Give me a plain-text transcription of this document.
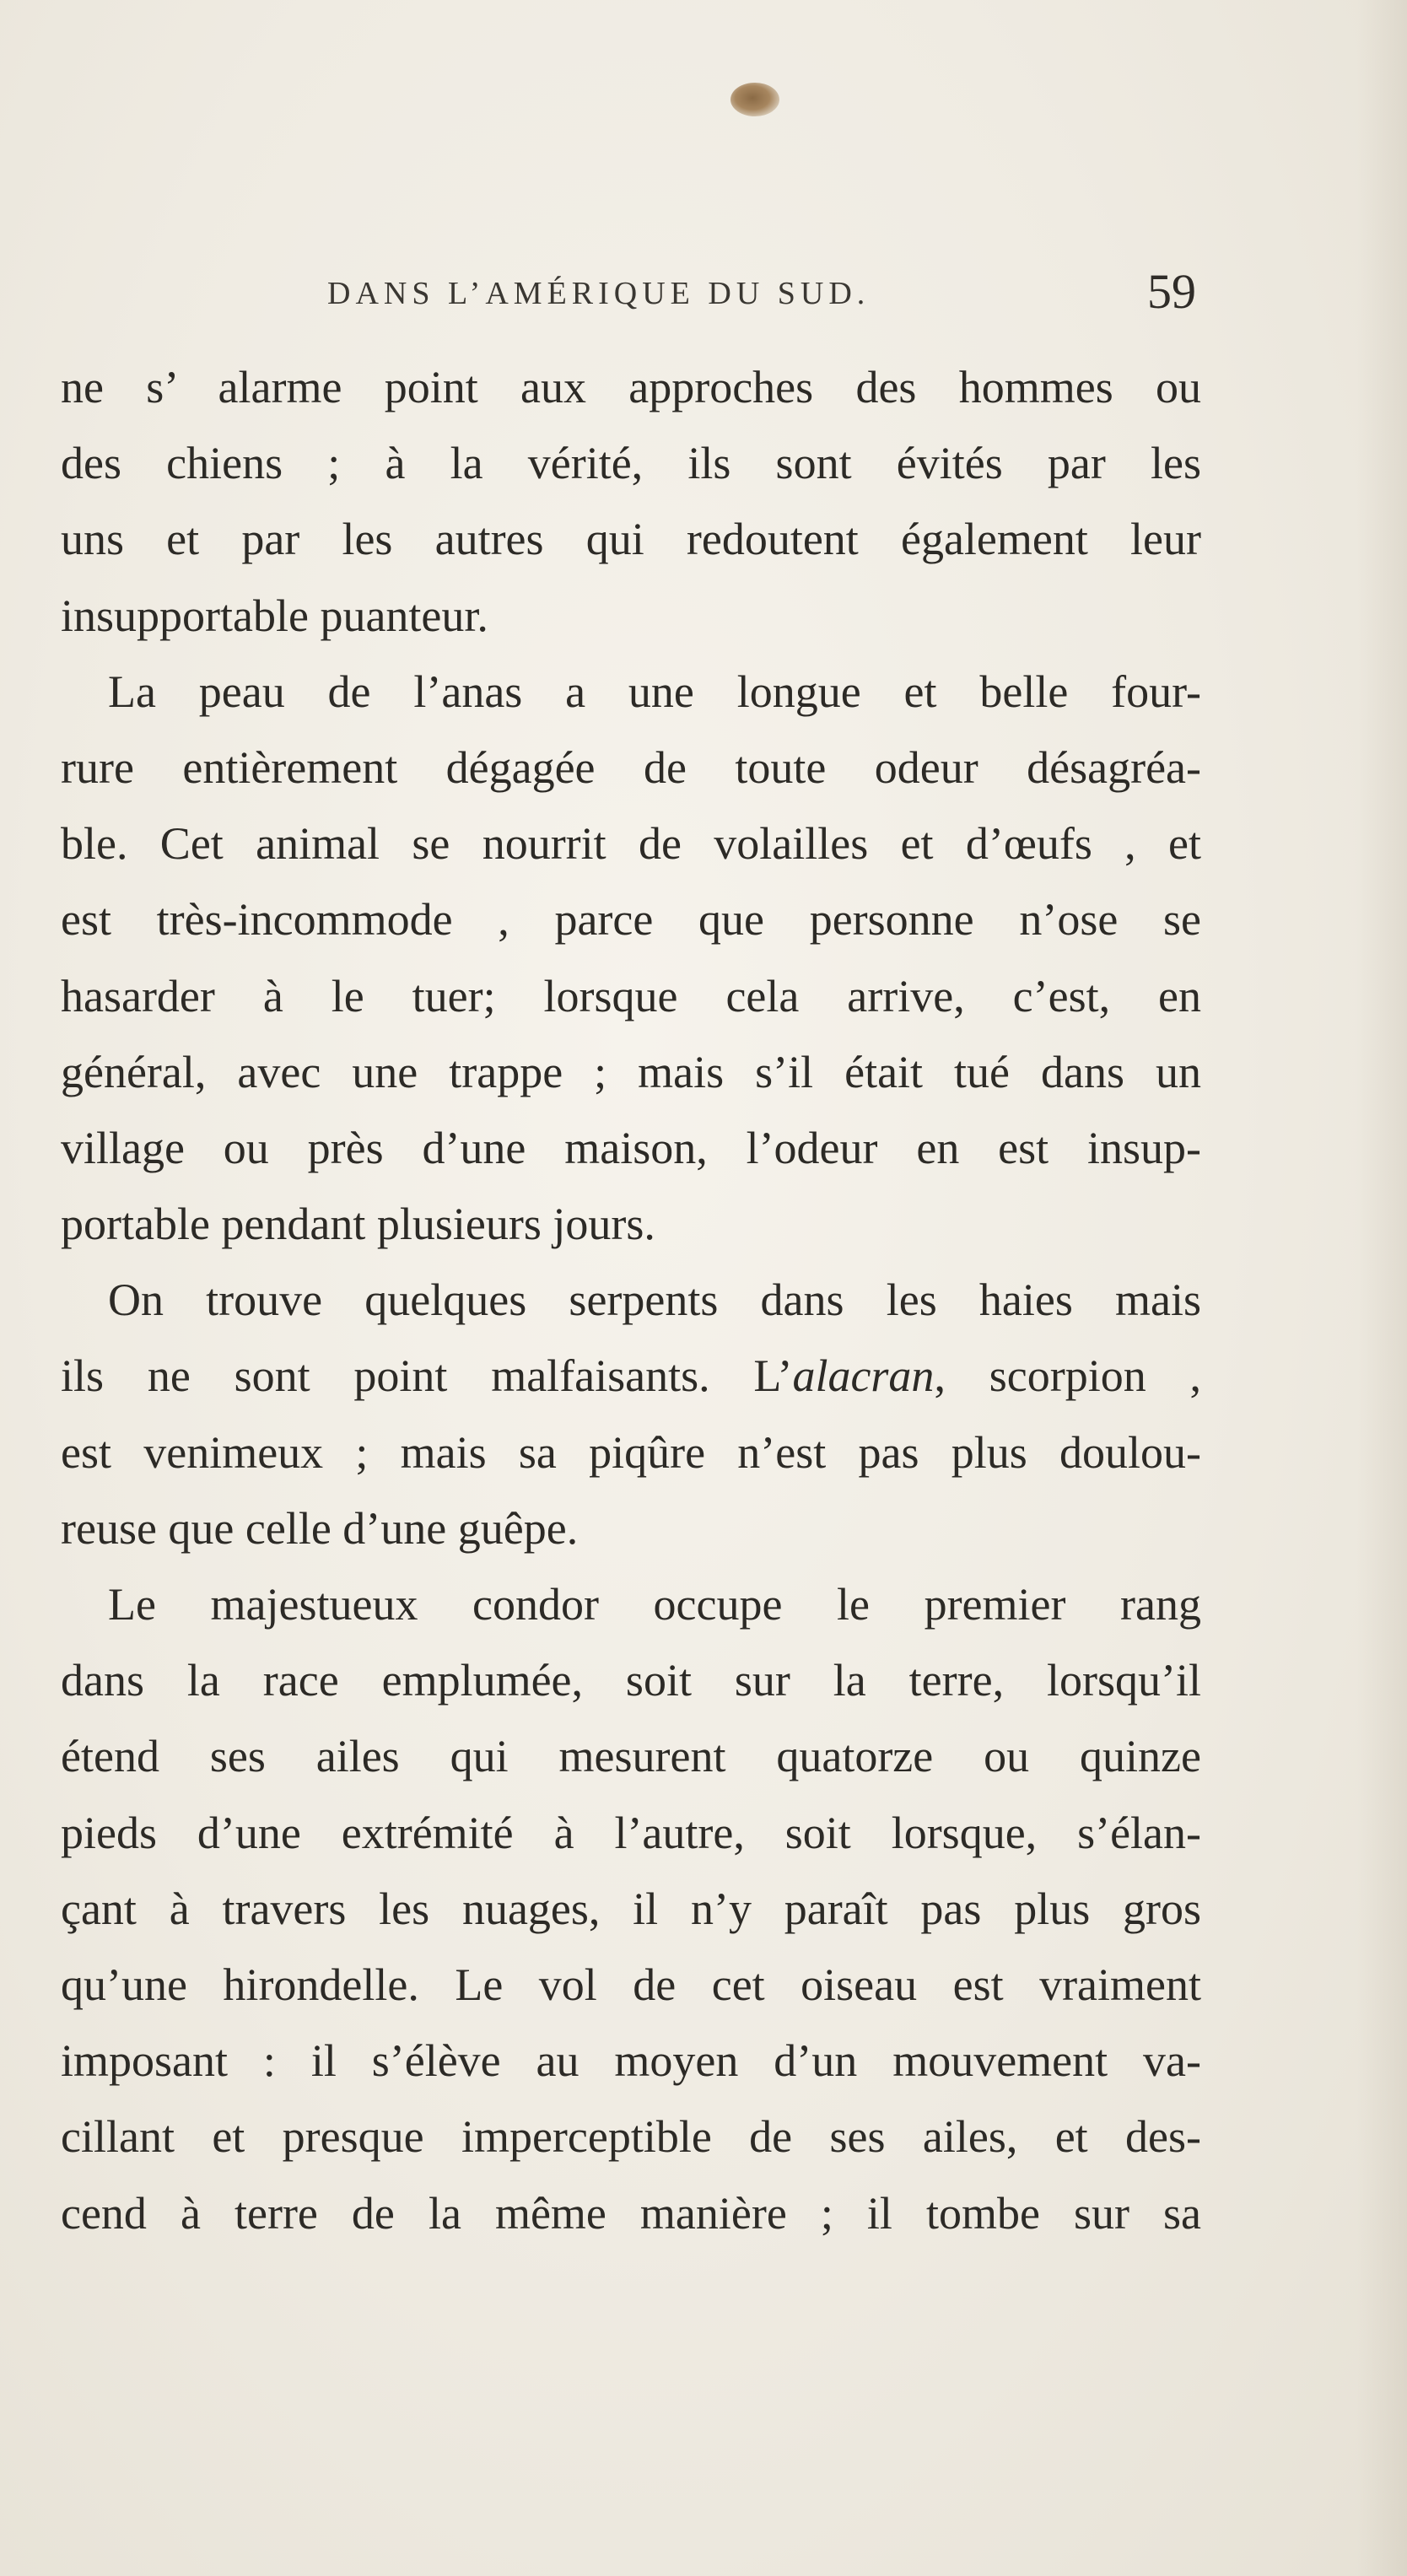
DANS L’AMÉRIQUE DU SUD.	59
ne s’ alarme point aux approches des hommes ou
des chiens ; à la vérité, ils sont évités par les
uns et par les autres qui redoutent également leur
insupportable puanteur.
La peau de l’anas a une longue et belle four-
rure entièrement dégagée de toute odeur désagréa-
ble. Cet animal se nourrit de volailles et d’œufs , et
est très-incommode , parce que personne n’ose se
hasarder à le tuer; lorsque cela arrive, c’est, en
général, avec une trappe ; mais s’il était tué dans un
village ou près d’une maison, l’odeur en est insup-
portable pendant plusieurs jours.
On trouve quelques serpents dans les haies mais
ils ne sont point malfaisants. L’alacran, scorpion ,
est venimeux ; mais sa piqûre n’est pas plus doulou-
reuse que celle d’une guêpe.
Le majestueux condor occupe le premier rang
dans la race emplumée, soit sur la terre, lorsqu’il
étend ses ailes qui mesurent quatorze ou quinze
pieds d’une extrémité à l’autre, soit lorsque, s’élan-
çant à travers les nuages, il n’y paraît pas plus gros
qu’une hirondelle. Le vol de cet oiseau est vraiment
imposant : il s’élève au moyen d’un mouvement va-
cillant et presque imperceptible de ses ailes, et des-
cend à terre de la même manière ; il tombe sur sa
